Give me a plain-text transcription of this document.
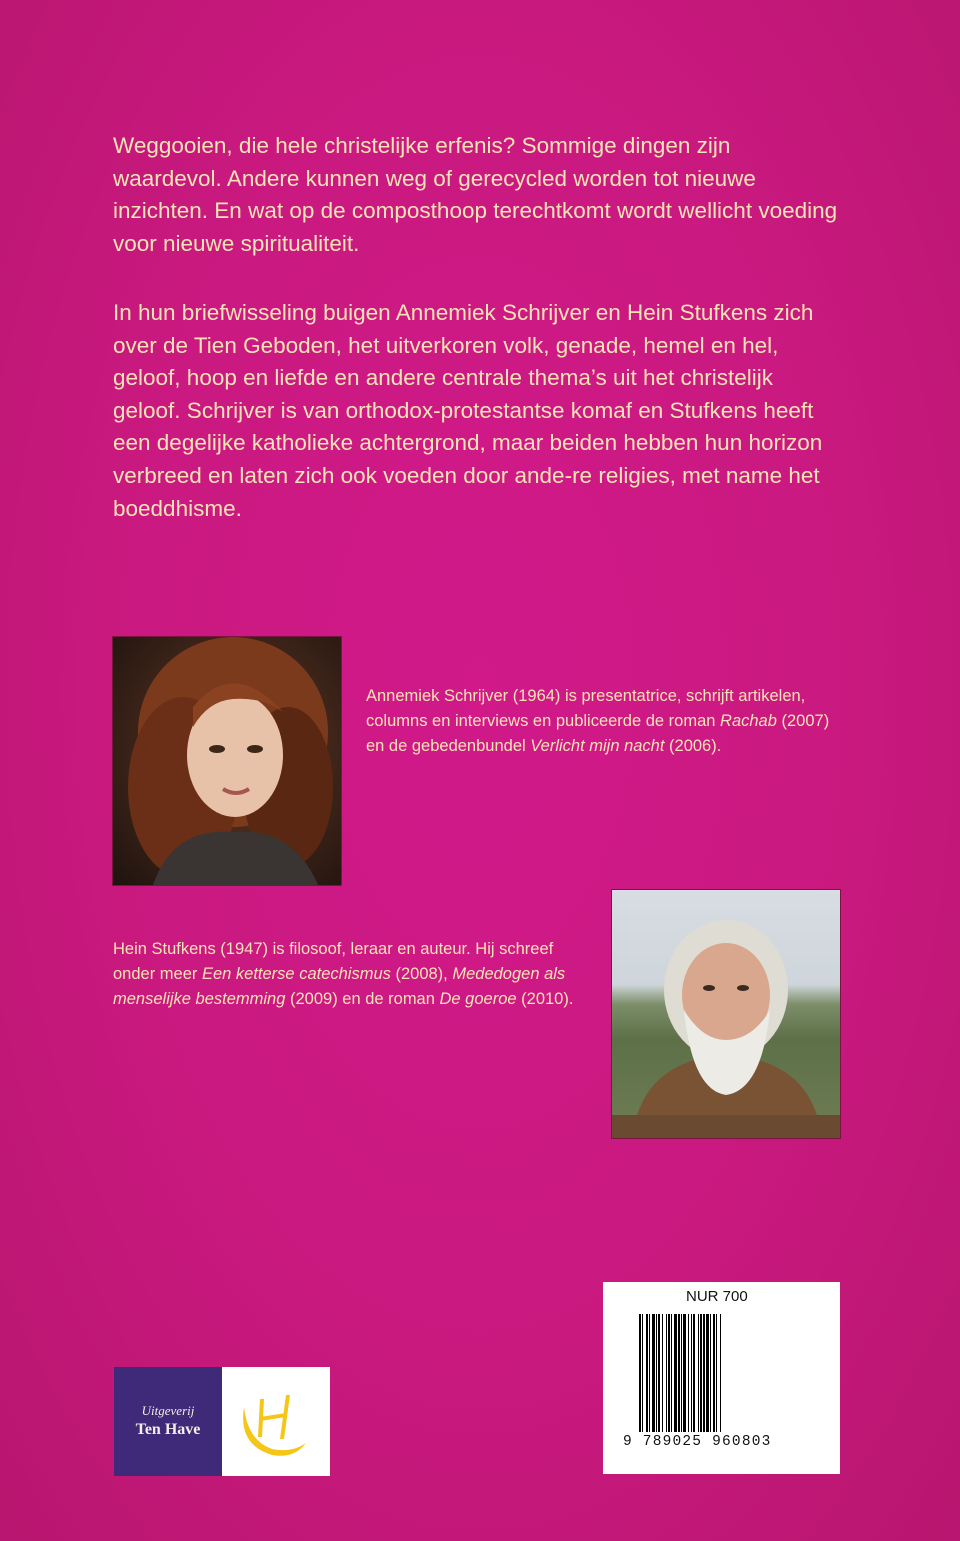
Weggooien, die hele christelijke erfenis? Sommige dingen zijn waardevol. Andere kunnen weg of gerecycled worden tot nieuwe inzichten. En wat op de composthoop terechtkomt wordt wellicht voeding voor nieuwe spiritualiteit.

In hun briefwisseling buigen Annemiek Schrijver en Hein Stufkens zich over de Tien Geboden, het uitverkoren volk, genade, hemel en hel, geloof, hoop en liefde en andere centrale thema’s uit het christelijk geloof. Schrijver is van orthodox-protestantse komaf en Stufkens heeft een degelijke katholieke achtergrond, maar beiden hebben hun horizon verbreed en laten zich ook voeden door ande-re religies, met name het boeddhisme.

Annemiek Schrijver (1964) is presentatrice, schrijft artikelen, columns en interviews en publiceerde de roman Rachab (2007) en de gebedenbundel Verlicht mijn nacht (2006).

Hein Stufkens (1947) is filosoof, leraar en auteur. Hij schreef onder meer Een ketterse catechismus (2008), Mededogen als menselijke bestemming (2009) en de roman De goeroe (2010).

Uitgeverij
Ten Have
NUR 700
9 789025 960803
